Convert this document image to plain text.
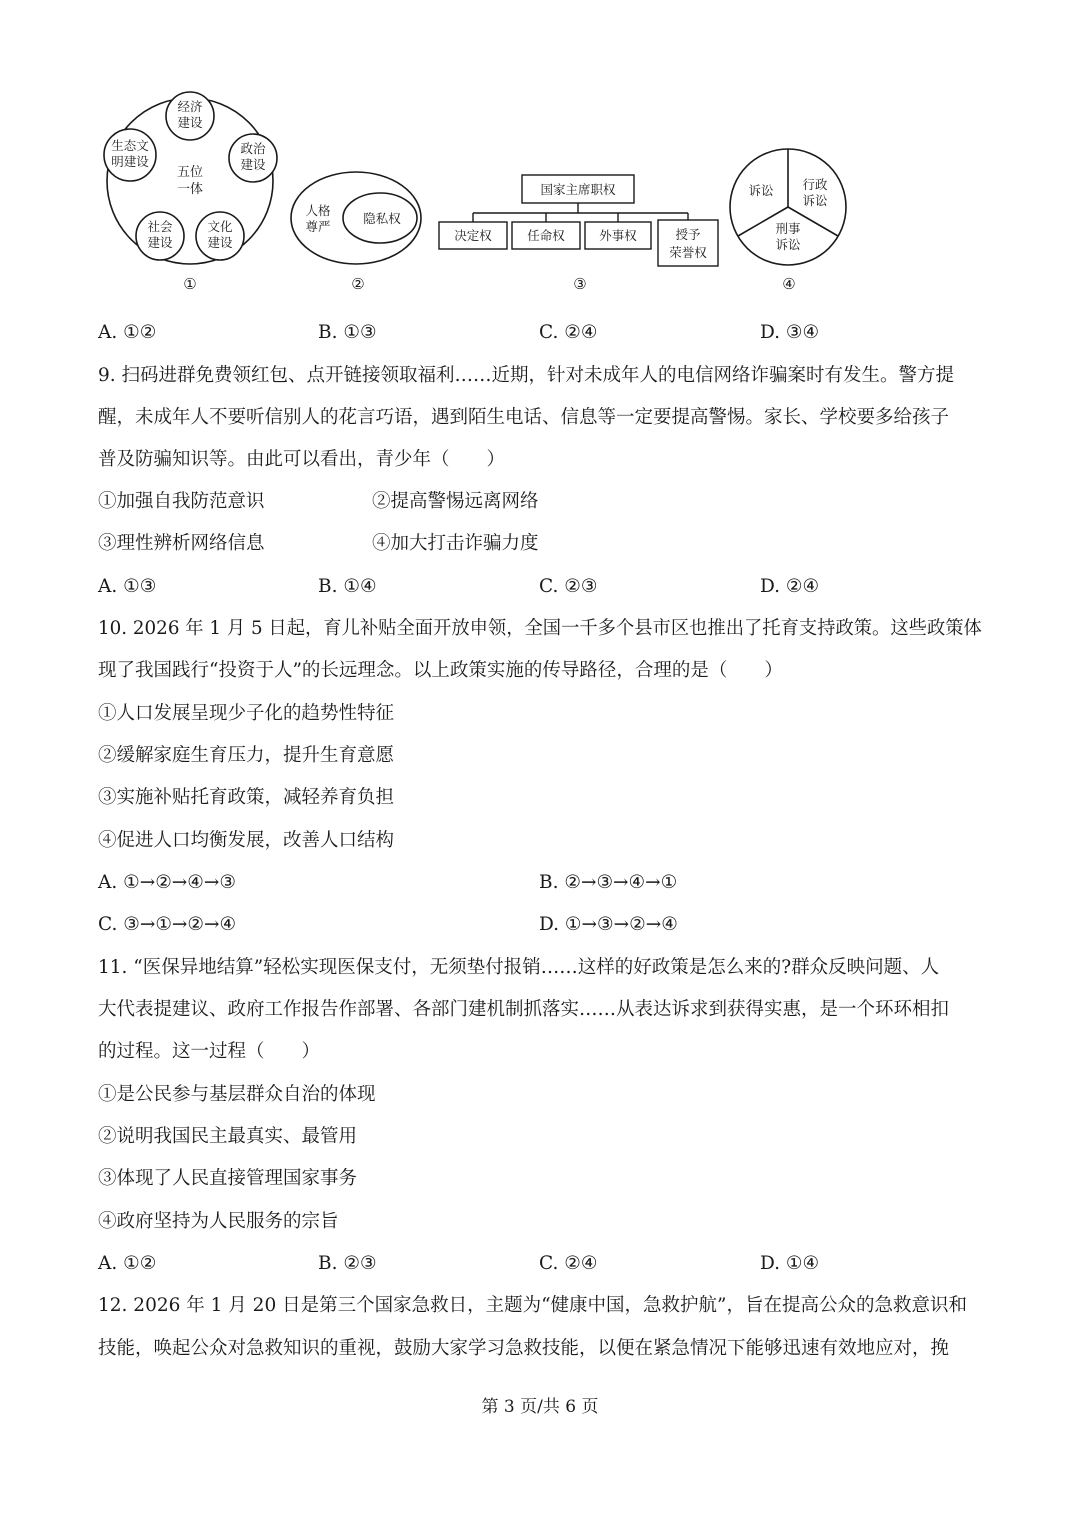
五位
一体
经济
建设
政治
建设
文化
建设
社会
建设
生态文
明建设
①
人格
尊严
隐私权
②
国家主席职权
决定权	任命权	外事权	授予
荣誉权
③
诉讼 行政
诉讼
刑事
诉讼
④
A. ①②	B. ①③	C. ②④	D. ③④
9. 扫码进群免费领红包、点开链接领取福利……近期，针对未成年人的电信网络诈骗案时有发生。警方提
醒，未成年人不要听信别人的花言巧语，遇到陌生电话、信息等一定要提高警惕。家长、学校要多给孩子
普及防骗知识等。由此可以看出，青少年（　　）
①加强自我防范意识	②提高警惕远离网络
③理性辨析网络信息	④加大打击诈骗力度
A. ①③	B. ①④	C. ②③	D. ②④
10. 2026 年 1 月 5 日起，育儿补贴全面开放申领，全国一千多个县市区也推出了托育支持政策。这些政策体
现了我国践行“投资于人”的长远理念。以上政策实施的传导路径，合理的是（　　）
①人口发展呈现少子化的趋势性特征
②缓解家庭生育压力，提升生育意愿
③实施补贴托育政策，减轻养育负担
④促进人口均衡发展，改善人口结构
A. ①→②→④→③	B. ②→③→④→①
C. ③→①→②→④	D. ①→③→②→④
11. “医保异地结算”轻松实现医保支付，无须垫付报销……这样的好政策是怎么来的?群众反映问题、人
大代表提建议、政府工作报告作部署、各部门建机制抓落实……从表达诉求到获得实惠，是一个环环相扣
的过程。这一过程（　　）
①是公民参与基层群众自治的体现
②说明我国民主最真实、最管用
③体现了人民直接管理国家事务
④政府坚持为人民服务的宗旨
A. ①②	B. ②③	C. ②④	D. ①④
12. 2026 年 1 月 20 日是第三个国家急救日，主题为“健康中国，急救护航”，旨在提高公众的急救意识和
技能，唤起公众对急救知识的重视，鼓励大家学习急救技能，以便在紧急情况下能够迅速有效地应对，挽
第 3 页/共 6 页
